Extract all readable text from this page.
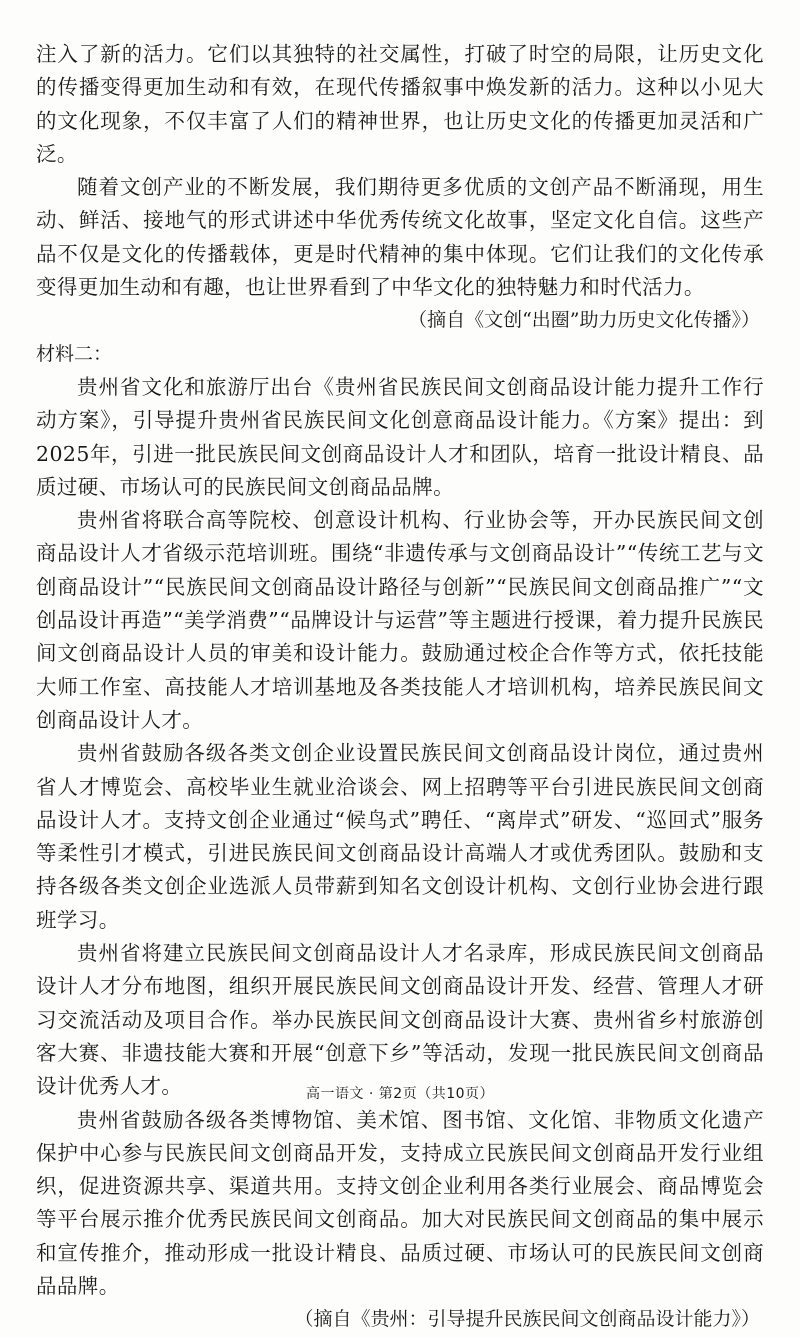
注入了新的活力。它们以其独特的社交属性，打破了时空的局限，让历史文化的传播变得更加生动和有效，在现代传播叙事中焕发新的活力。这种以小见大的文化现象，不仅丰富了人们的精神世界，也让历史文化的传播更加灵活和广泛。

随着文创产业的不断发展，我们期待更多优质的文创产品不断涌现，用生动、鲜活、接地气的形式讲述中华优秀传统文化故事，坚定文化自信。这些产品不仅是文化的传播载体，更是时代精神的集中体现。它们让我们的文化传承变得更加生动和有趣，也让世界看到了中华文化的独特魅力和时代活力。

（摘自《文创“出圈”助力历史文化传播》）

材料二：

贵州省文化和旅游厅出台《贵州省民族民间文创商品设计能力提升工作行动方案》，引导提升贵州省民族民间文化创意商品设计能力。《方案》提出：到2025年，引进一批民族民间文创商品设计人才和团队，培育一批设计精良、品质过硬、市场认可的民族民间文创商品品牌。

贵州省将联合高等院校、创意设计机构、行业协会等，开办民族民间文创商品设计人才省级示范培训班。围绕“非遗传承与文创商品设计”“传统工艺与文创商品设计”“民族民间文创商品设计路径与创新”“民族民间文创商品推广”“文创品设计再造”“美学消费”“品牌设计与运营”等主题进行授课，着力提升民族民间文创商品设计人员的审美和设计能力。鼓励通过校企合作等方式，依托技能大师工作室、高技能人才培训基地及各类技能人才培训机构，培养民族民间文创商品设计人才。

贵州省鼓励各级各类文创企业设置民族民间文创商品设计岗位，通过贵州省人才博览会、高校毕业生就业洽谈会、网上招聘等平台引进民族民间文创商品设计人才。支持文创企业通过“候鸟式”聘任、“离岸式”研发、“巡回式”服务等柔性引才模式，引进民族民间文创商品设计高端人才或优秀团队。鼓励和支持各级各类文创企业选派人员带薪到知名文创设计机构、文创行业协会进行跟班学习。

贵州省将建立民族民间文创商品设计人才名录库，形成民族民间文创商品设计人才分布地图，组织开展民族民间文创商品设计开发、经营、管理人才研习交流活动及项目合作。举办民族民间文创商品设计大赛、贵州省乡村旅游创客大赛、非遗技能大赛和开展“创意下乡”等活动，发现一批民族民间文创商品设计优秀人才。

贵州省鼓励各级各类博物馆、美术馆、图书馆、文化馆、非物质文化遗产保护中心参与民族民间文创商品开发，支持成立民族民间文创商品开发行业组织，促进资源共享、渠道共用。支持文创企业利用各类行业展会、商品博览会等平台展示推介优秀民族民间文创商品。加大对民族民间文创商品的集中展示和宣传推介，推动形成一批设计精良、品质过硬、市场认可的民族民间文创商品品牌。

（摘自《贵州：引导提升民族民间文创商品设计能力》）

高一语文 · 第2页（共10页）
